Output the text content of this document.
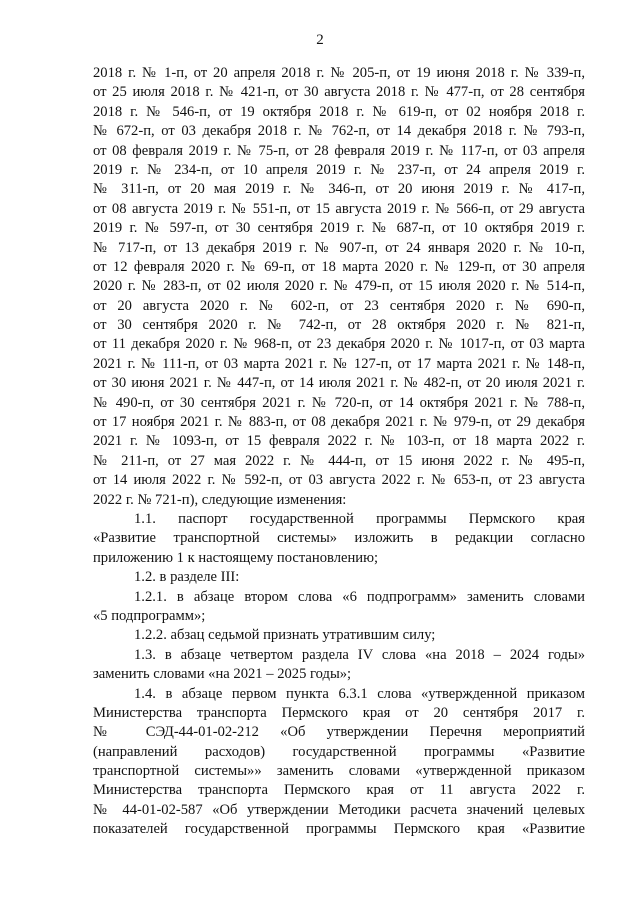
2
2018 г. № 1-п, от 20 апреля 2018 г. № 205-п, от 19 июня 2018 г. № 339-п,
от 25 июля 2018 г. № 421-п, от 30 августа 2018 г. № 477-п, от 28 сентября
2018 г. № 546-п, от 19 октября 2018 г. № 619-п, от 02 ноября 2018 г.
№ 672-п, от 03 декабря 2018 г. № 762-п, от 14 декабря 2018 г. № 793-п,
от 08 февраля 2019 г. № 75-п, от 28 февраля 2019 г. № 117-п, от 03 апреля
2019 г. № 234-п, от 10 апреля 2019 г. № 237-п, от 24 апреля 2019 г.
№ 311-п, от 20 мая 2019 г. № 346-п, от 20 июня 2019 г. № 417-п,
от 08 августа 2019 г. № 551-п, от 15 августа 2019 г. № 566-п, от 29 августа
2019 г. № 597-п, от 30 сентября 2019 г. № 687-п, от 10 октября 2019 г.
№ 717-п, от 13 декабря 2019 г. № 907-п, от 24 января 2020 г. № 10-п,
от 12 февраля 2020 г. № 69-п, от 18 марта 2020 г. № 129-п, от 30 апреля
2020 г. № 283-п, от 02 июля 2020 г. № 479-п, от 15 июля 2020 г. № 514-п,
от 20 августа 2020 г. № 602-п, от 23 сентября 2020 г. № 690-п,
от 30 сентября 2020 г. № 742-п, от 28 октября 2020 г. № 821-п,
от 11 декабря 2020 г. № 968-п, от 23 декабря 2020 г. № 1017-п, от 03 марта
2021 г. № 111-п, от 03 марта 2021 г. № 127-п, от 17 марта 2021 г. № 148-п,
от 30 июня 2021 г. № 447-п, от 14 июля 2021 г. № 482-п, от 20 июля 2021 г.
№ 490-п, от 30 сентября 2021 г. № 720-п, от 14 октября 2021 г. № 788-п,
от 17 ноября 2021 г. № 883-п, от 08 декабря 2021 г. № 979-п, от 29 декабря
2021 г. № 1093-п, от 15 февраля 2022 г. № 103-п, от 18 марта 2022 г.
№ 211-п, от 27 мая 2022 г. № 444-п, от 15 июня 2022 г. № 495-п,
от 14 июля 2022 г. № 592-п, от 03 августа 2022 г. № 653-п, от 23 августа
2022 г. № 721-п), следующие изменения:
1.1. паспорт государственной программы Пермского края
«Развитие транспортной системы» изложить в редакции согласно
приложению 1 к настоящему постановлению;
1.2. в разделе III:
1.2.1. в абзаце втором слова «6 подпрограмм» заменить словами
«5 подпрограмм»;
1.2.2. абзац седьмой признать утратившим силу;
1.3. в абзаце четвертом раздела IV слова «на 2018 – 2024 годы»
заменить словами «на 2021 – 2025 годы»;
1.4. в абзаце первом пункта 6.3.1 слова «утвержденной приказом
Министерства транспорта Пермского края от 20 сентября 2017 г.
№ СЭД-44-01-02-212 «Об утверждении Перечня мероприятий
(направлений расходов) государственной программы «Развитие
транспортной системы»» заменить словами «утвержденной приказом
Министерства транспорта Пермского края от 11 августа 2022 г.
№ 44-01-02-587 «Об утверждении Методики расчета значений целевых
показателей государственной программы Пермского края «Развитие
